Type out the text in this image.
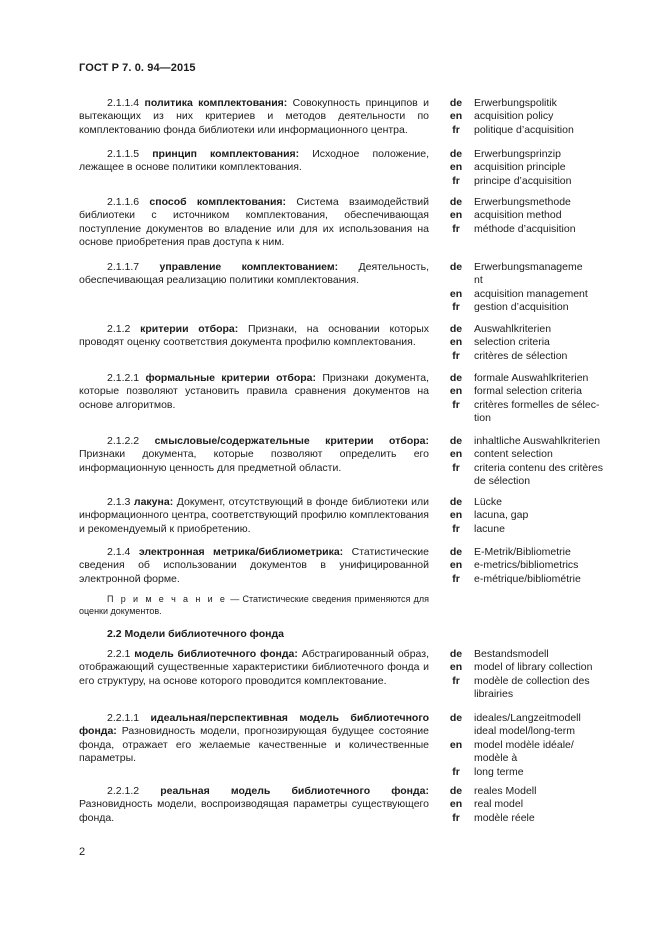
ГОСТ Р 7. 0. 94—2015
2.1.1.4 политика комплектования: Совокупность принципов и вытекающих из них критериев и методов деятельности по комплектованию фонда библиотеки или информационного центра.
de
en
fr
Erwerbungspolitik
acquisition policy
politique d’acquisition
2.1.1.5 принцип комплектования: Исходное положение, лежащее в основе политики комплектования.
de
en
fr
Erwerbungsprinzip
acquisition principle
principe d’acquisition
2.1.1.6 способ комплектования: Система взаимодействий библиотеки с источником комплектования, обеспечивающая поступление документов во владение или для их использования на основе приобретения прав доступа к ним.
de
en
fr
Erwerbungsmethode
acquisition method
méthode d’acquisition
2.1.1.7 управление комплектованием: Деятельность, обеспечивающая реализацию политики комплектования.
de
en
fr
Erwerbungsmanageme
nt
acquisition management
gestion d’acquisition
2.1.2 критерии отбора: Признаки, на основании которых проводят оценку соответствия документа профилю комплектования.
de
en
fr
Auswahlkriterien
selection criteria
critères de sélection
2.1.2.1 формальные критерии отбора: Признаки документа, которые позволяют установить правила сравнения документов на основе алгоритмов.
de
en
fr
formale Auswahlkriterien
formal selection criteria
critères formelles de sélec-
tion
2.1.2.2 смысловые/содержательные критерии отбора: Признаки документа, которые позволяют определить его информационную ценность для предметной области.
de
en
fr
inhaltliche Auswahlkriterien
content selection
criteria contenu des critères
de sélection
2.1.3 лакуна: Документ, отсутствующий в фонде библиотеки или информационного центра, соответствующий профилю комплектования и рекомендуемый к приобретению.
de
en
fr
Lücke
lacuna, gap
lacune
2.1.4 электронная метрика/библиометрика: Статистические сведения об использовании документов в унифицированной электронной форме.
de
en
fr
E-Metrik/Bibliometrie
e-metrics/bibliometrics
e-métrique/bibliométrie
2.2.1 модель библиотечного фонда: Абстрагированный образ, отображающий существенные характеристики библиотечного фонда и его структуру, на основе которого проводится комплектование.
de
en
fr
Bestandsmodell
model of library collection
modèle de collection des
librairies
2.2.1.1 идеальная/перспективная модель библиотечного фонда: Разновидность модели, прогнозирующая будущее состояние фонда, отражает его желаемые качественные и количественные параметры.
de
en
fr
ideales/Langzeitmodell
ideal model/long-term
model modèle idéale/
modèle à
long terme
2.2.1.2 реальная модель библиотечного фонда: Разновидность модели, воспроизводящая параметры существующего фонда.
de
en
fr
reales Modell
real model
modèle réele
П р и м е ч а н и е — Статистические сведения применяются для оценки документов.
2.2 Модели библиотечного фонда
2
